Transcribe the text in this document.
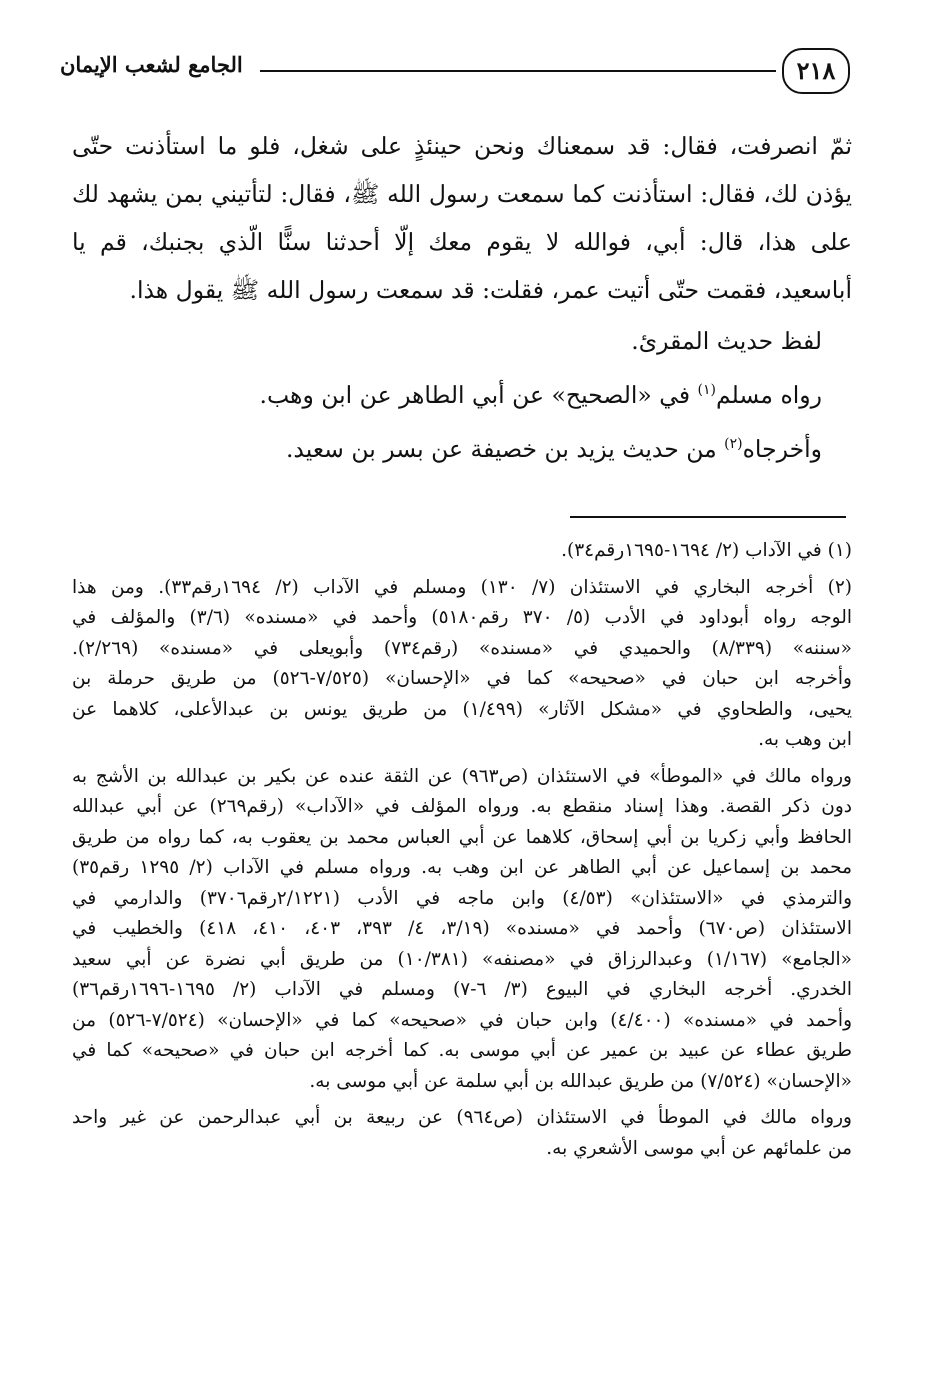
٢١٨
الجامع لشعب الإيمان

ثمّ انصرفت، فقال: قد سمعناك ونحن حينئذٍ على شغل، فلو ما استأذنت حتّى
يؤذن لك، فقال: استأذنت كما سمعت رسول الله ﷺ، فقال: لتأتيني بمن يشهد لك
على هذا، قال: أبي، فوالله لا يقوم معك إلّا أحدثنا سنًّا الّذي بجنبك، قم يا
أباسعيد، فقمت حتّى أتيت عمر، فقلت: قد سمعت رسول الله ﷺ يقول هذا.

لفظ حديث المقرئ.

رواه مسلم$^{(١)}$ في «الصحيح» عن أبي الطاهر عن ابن وهب.

وأخرجاه$^{(٢)}$ من حديث يزيد بن خصيفة عن بسر بن سعيد.

(١) في الآداب (٢/ ١٦٩٤-١٦٩٥رقم٣٤).

(٢) أخرجه البخاري في الاستئذان (٧/ ١٣٠) ومسلم في الآداب (٢/ ١٦٩٤رقم٣٣). ومن هذا
الوجه رواه أبوداود في الأدب (٥/ ٣٧٠ رقم٥١٨٠) وأحمد في «مسنده» (٣/٦) والمؤلف في
«سننه» (٨/٣٣٩) والحميدي في «مسنده» (رقم٧٣٤) وأبويعلى في «مسنده» (٢/٢٦٩).
وأخرجه ابن حبان في «صحيحه» كما في «الإحسان» (٧/٥٢٥-٥٢٦) من طريق حرملة بن
يحيى، والطحاوي في «مشكل الآثار» (١/٤٩٩) من طريق يونس بن عبدالأعلى، كلاهما عن
ابن وهب به.

ورواه مالك في «الموطأ» في الاستئذان (ص٩٦٣) عن الثقة عنده عن بكير بن عبدالله بن الأشج به
دون ذكر القصة. وهذا إسناد منقطع به. ورواه المؤلف في «الآداب» (رقم٢٦٩) عن أبي عبدالله
الحافظ وأبي زكريا بن أبي إسحاق، كلاهما عن أبي العباس محمد بن يعقوب به، كما رواه من طريق
محمد بن إسماعيل عن أبي الطاهر عن ابن وهب به. ورواه مسلم في الآداب (٢/ ١٢٩٥ رقم٣٥)
والترمذي في «الاستئذان» (٤/٥٣) وابن ماجه في الأدب (٢/١٢٢١رقم٣٧٠٦) والدارمي في
الاستئذان (ص٦٧٠) وأحمد في «مسنده» (٣/١٩، ٤/ ٣٩٣، ٤٠٣، ٤١٠، ٤١٨) والخطيب في
«الجامع» (١/١٦٧) وعبدالرزاق في «مصنفه» (١٠/٣٨١) من طريق أبي نضرة عن أبي سعيد
الخدري. أخرجه البخاري في البيوع (٣/ ٦-٧) ومسلم في الآداب (٢/ ١٦٩٥-١٦٩٦رقم٣٦)
وأحمد في «مسنده» (٤/٤٠٠) وابن حبان في «صحيحه» كما في «الإحسان» (٧/٥٢٤-٥٢٦) من
طريق عطاء عن عبيد بن عمير عن أبي موسى به. كما أخرجه ابن حبان في «صحيحه» كما في
«الإحسان» (٧/٥٢٤) من طريق عبدالله بن أبي سلمة عن أبي موسى به.

ورواه مالك في الموطأ في الاستئذان (ص٩٦٤) عن ربيعة بن أبي عبدالرحمن عن غير واحد
من علمائهم عن أبي موسى الأشعري به.
